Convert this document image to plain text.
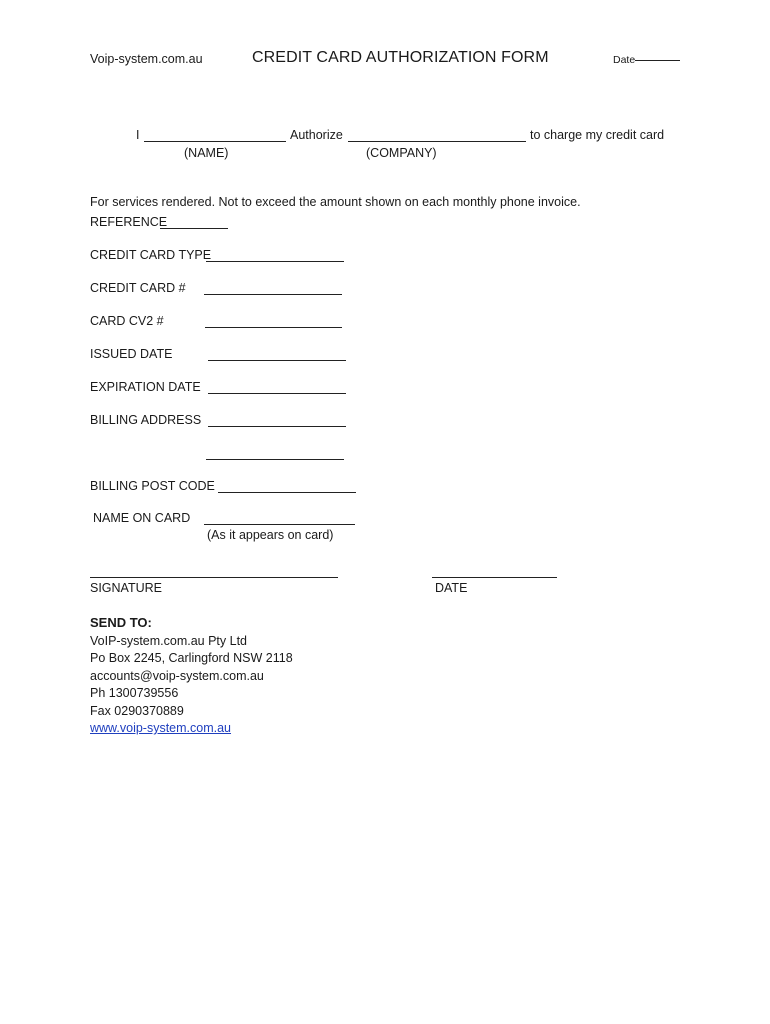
Voip-system.com.au	CREDIT CARD AUTHORIZATION FORM	Date
I	Authorize	to charge my credit card
(NAME)	(COMPANY)
For services rendered. Not to exceed the amount shown on each monthly phone invoice.
REFERENCE
CREDIT CARD TYPE
CREDIT CARD #
CARD CV2 #
ISSUED DATE
EXPIRATION DATE
BILLING ADDRESS
BILLING POST CODE
NAME ON CARD
(As it appears on card)
SIGNATURE	DATE
SEND TO:
VoIP-system.com.au Pty Ltd
Po Box 2245, Carlingford NSW 2118
accounts@voip-system.com.au
Ph 1300739556
Fax 0290370889
www.voip-system.com.au
